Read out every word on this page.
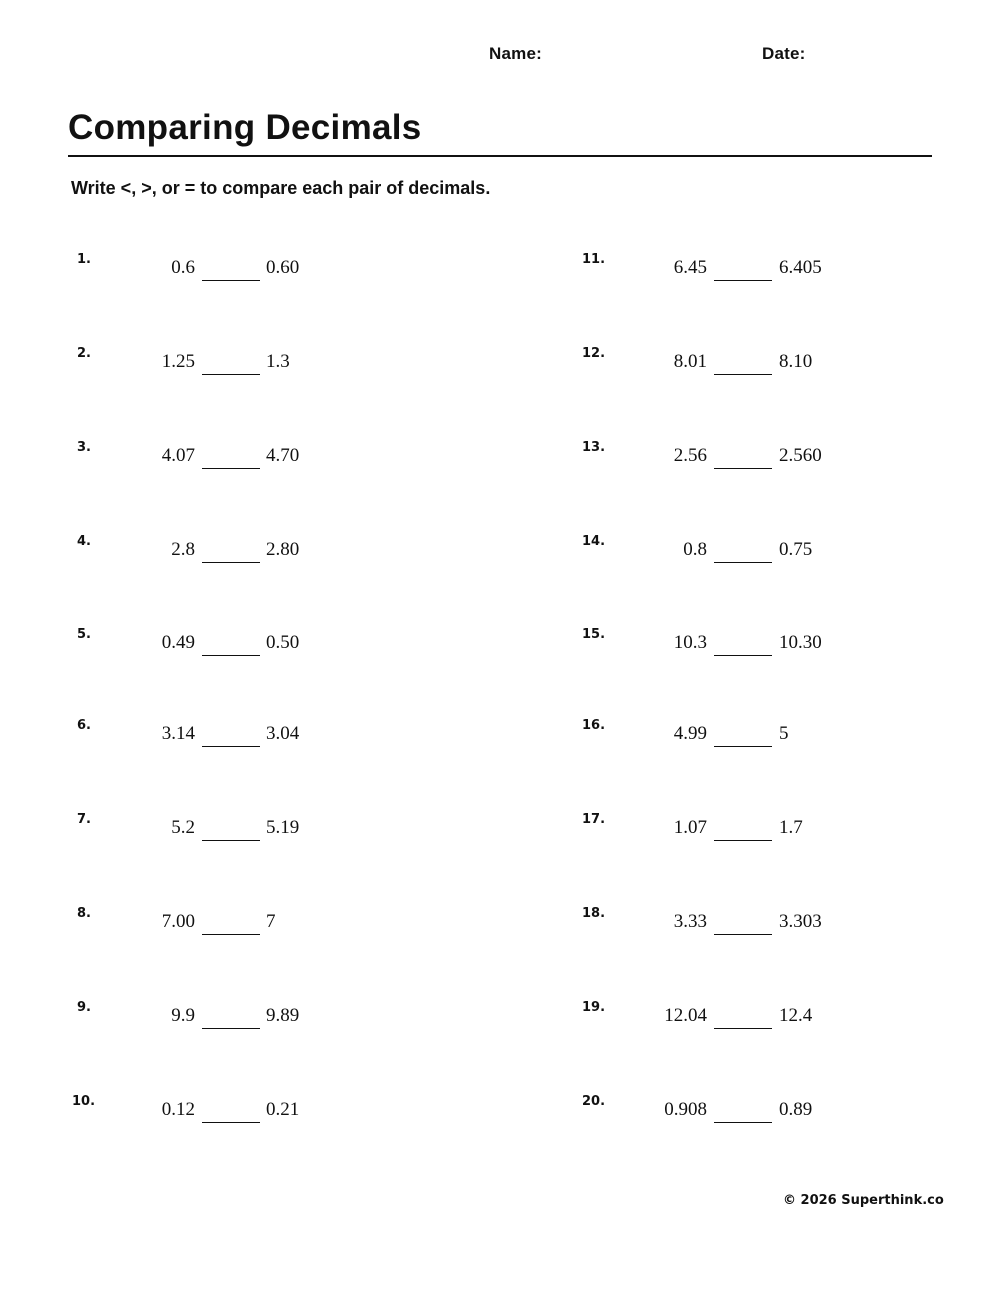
Name:	Date:
Comparing Decimals
Write <, >, or = to compare each pair of decimals.
1.	0.6	0.60
2.	1.25	1.3
3.	4.07	4.70
4.	2.8	2.80
5.	0.49	0.50
6.	3.14	3.04
7.	5.2	5.19
8.	7.00	7
9.	9.9	9.89
10.	0.12	0.21
11.	6.45	6.405
12.	8.01	8.10
13.	2.56	2.560
14.	0.8	0.75
15.	10.3	10.30
16.	4.99	5
17.	1.07	1.7
18.	3.33	3.303
19.	12.04	12.4
20.	0.908	0.89
© 2026 Superthink.co
